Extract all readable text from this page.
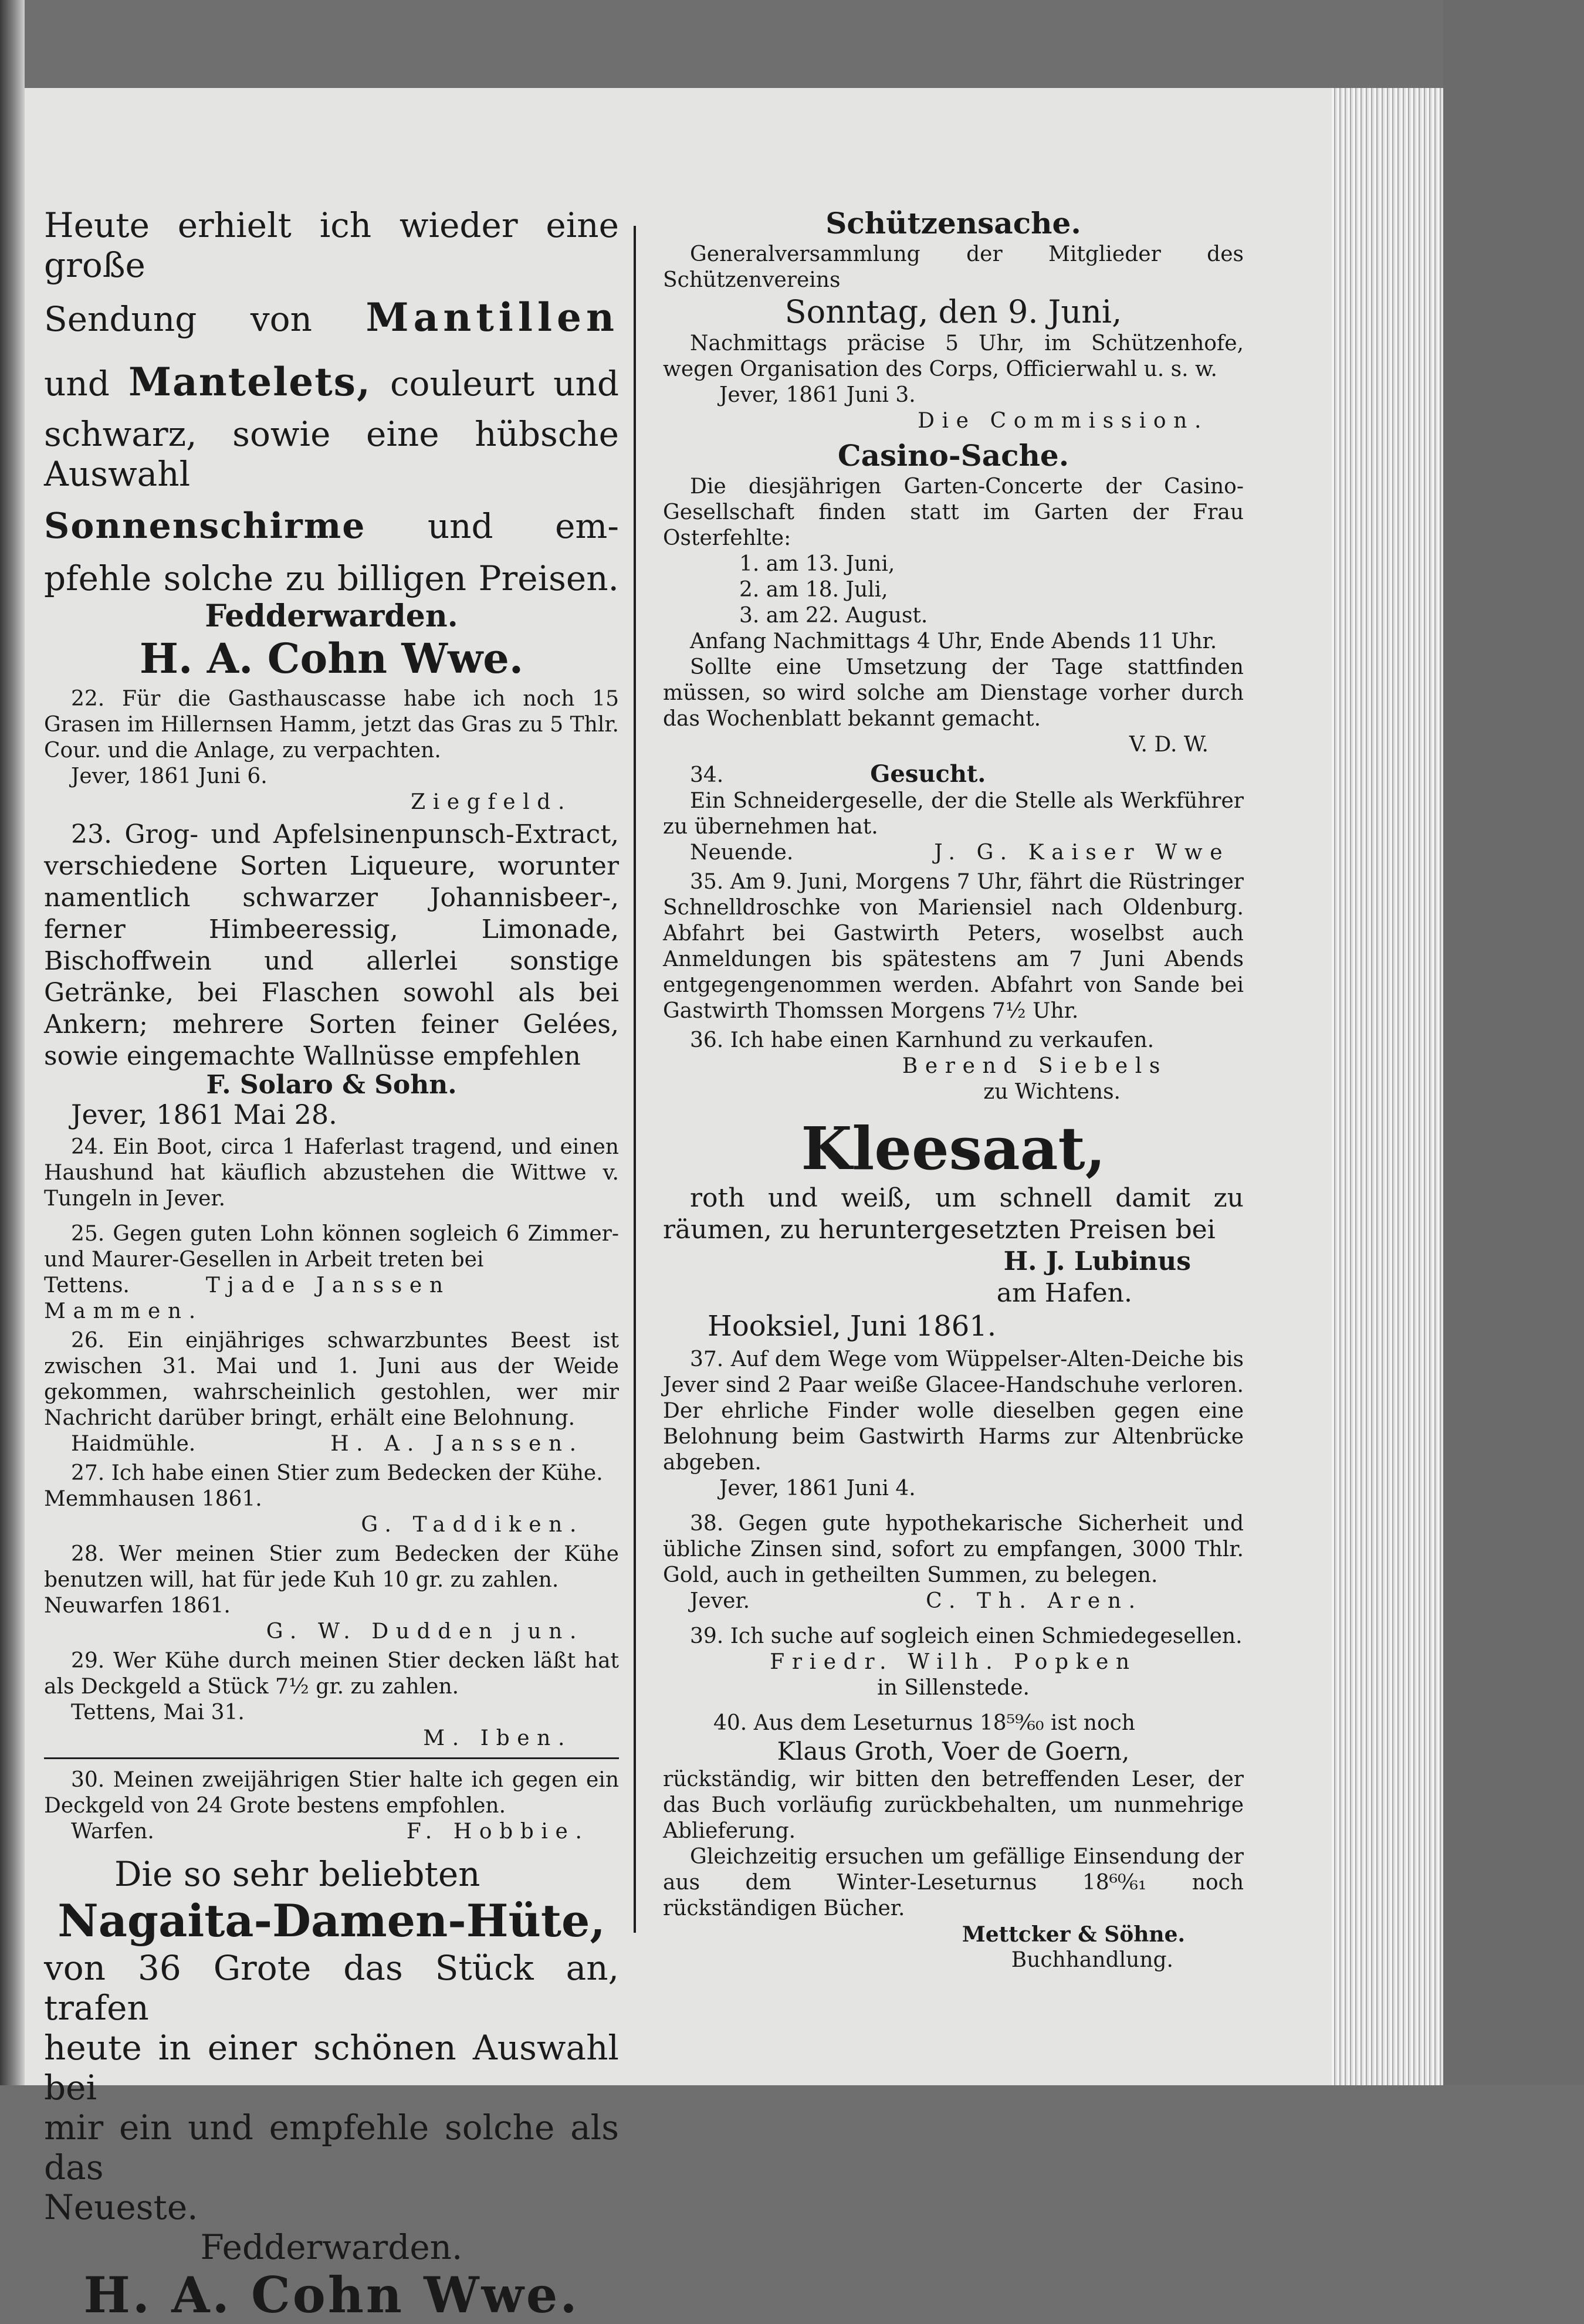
Heute erhielt ich wieder eine große

Sendung von Mantillen

und Mantelets, couleurt und

schwarz, sowie eine hübsche Auswahl

Sonnenschirme und em-

pfehle solche zu billigen Preisen.

Fedderwarden.

H. A. Cohn Wwe.

22. Für die Gasthauscasse habe ich noch 15 Grasen im Hillernsen Hamm, jetzt das Gras zu 5 Thlr. Cour. und die Anlage, zu verpachten.

Jever, 1861 Juni 6.

Ziegfeld.

23. Grog- und Apfelsinenpunsch-Extract, verschiedene Sorten Liqueure, worunter namentlich schwarzer Johannisbeer-, ferner Himbeeressig, Limonade, Bischoffwein und allerlei sonstige Getränke, bei Flaschen sowohl als bei Ankern; mehrere Sorten feiner Gelées, sowie eingemachte Wallnüsse empfehlen

F. Solaro & Sohn.

Jever, 1861 Mai 28.

24. Ein Boot, circa 1 Haferlast tragend, und einen Haushund hat käuflich abzustehen die Wittwe v. Tungeln in Jever.

25. Gegen guten Lohn können sogleich 6 Zimmer- und Maurer-Gesellen in Arbeit treten bei

Tettens.	Tjade Janssen Mammen.

26. Ein einjähriges schwarzbuntes Beest ist zwischen 31. Mai und 1. Juni aus der Weide gekommen, wahrscheinlich gestohlen, wer mir Nachricht darüber bringt, erhält eine Belohnung.

Haidmühle.	H. A. Janssen.

27. Ich habe einen Stier zum Bedecken der Kühe.

Memmhausen 1861.

G. Taddiken.

28. Wer meinen Stier zum Bedecken der Kühe benutzen will, hat für jede Kuh 10 gr. zu zahlen.

Neuwarfen 1861.

G. W. Dudden jun.

29. Wer Kühe durch meinen Stier decken läßt hat als Deckgeld a Stück 7½ gr. zu zahlen.

Tettens, Mai 31.

M. Iben.

30. Meinen zweijährigen Stier halte ich gegen ein Deckgeld von 24 Grote bestens empfohlen.

Warfen.	F. Hobbie.

Die so sehr beliebten

Nagaita-Damen-Hüte,

von 36 Grote das Stück an, trafen

heute in einer schönen Auswahl bei

mir ein und empfehle solche als das

Neueste.

Fedderwarden.

H. A. Cohn Wwe.

Schützensache.

Generalversammlung der Mitglieder des Schützenvereins

Sonntag, den 9. Juni,

Nachmittags präcise 5 Uhr, im Schützenhofe, wegen Organisation des Corps, Officierwahl u. s. w.

Jever, 1861 Juni 3.

Die Commission.

Casino-Sache.

Die diesjährigen Garten-Concerte der Casino-Gesellschaft finden statt im Garten der Frau Osterfehlte:

1. am 13. Juni,

2. am 18. Juli,

3. am 22. August.

Anfang Nachmittags 4 Uhr, Ende Abends 11 Uhr.

Sollte eine Umsetzung der Tage stattfinden müssen, so wird solche am Dienstage vorher durch das Wochenblatt bekannt gemacht.

V. D. W.

34.	Gesucht.

Ein Schneidergeselle, der die Stelle als Werkführer zu übernehmen hat.

Neuende.	J. G. Kaiser Wwe

35. Am 9. Juni, Morgens 7 Uhr, fährt die Rüstringer Schnelldroschke von Mariensiel nach Oldenburg. Abfahrt bei Gastwirth Peters, woselbst auch Anmeldungen bis spätestens am 7 Juni Abends entgegengenommen werden. Abfahrt von Sande bei Gastwirth Thomssen Morgens 7½ Uhr.

36. Ich habe einen Karnhund zu verkaufen.

Berend Siebels

zu Wichtens.

Kleesaat,

roth und weiß, um schnell damit zu räumen, zu heruntergesetzten Preisen bei

H. J. Lubinus

am Hafen.

Hooksiel, Juni 1861.

37. Auf dem Wege vom Wüppelser-Alten-Deiche bis Jever sind 2 Paar weiße Glacee-Handschuhe verloren. Der ehrliche Finder wolle dieselben gegen eine Belohnung beim Gastwirth Harms zur Altenbrücke abgeben.

Jever, 1861 Juni 4.

38. Gegen gute hypothekarische Sicherheit und übliche Zinsen sind, sofort zu empfangen, 3000 Thlr. Gold, auch in getheilten Summen, zu belegen.

Jever.	C. Th. Aren.

39. Ich suche auf sogleich einen Schmiedegesellen.

Friedr. Wilh. Popken

in Sillenstede.

40. Aus dem Leseturnus 18⁵⁹⁄₆₀ ist noch

Klaus Groth, Voer de Goern,

rückständig, wir bitten den betreffenden Leser, der das Buch vorläufig zurückbehalten, um nunmehrige Ablieferung.

Gleichzeitig ersuchen um gefällige Einsendung der aus dem Winter-Leseturnus 18⁶⁰⁄₆₁ noch rückständigen Bücher.

Mettcker & Söhne.

Buchhandlung.
